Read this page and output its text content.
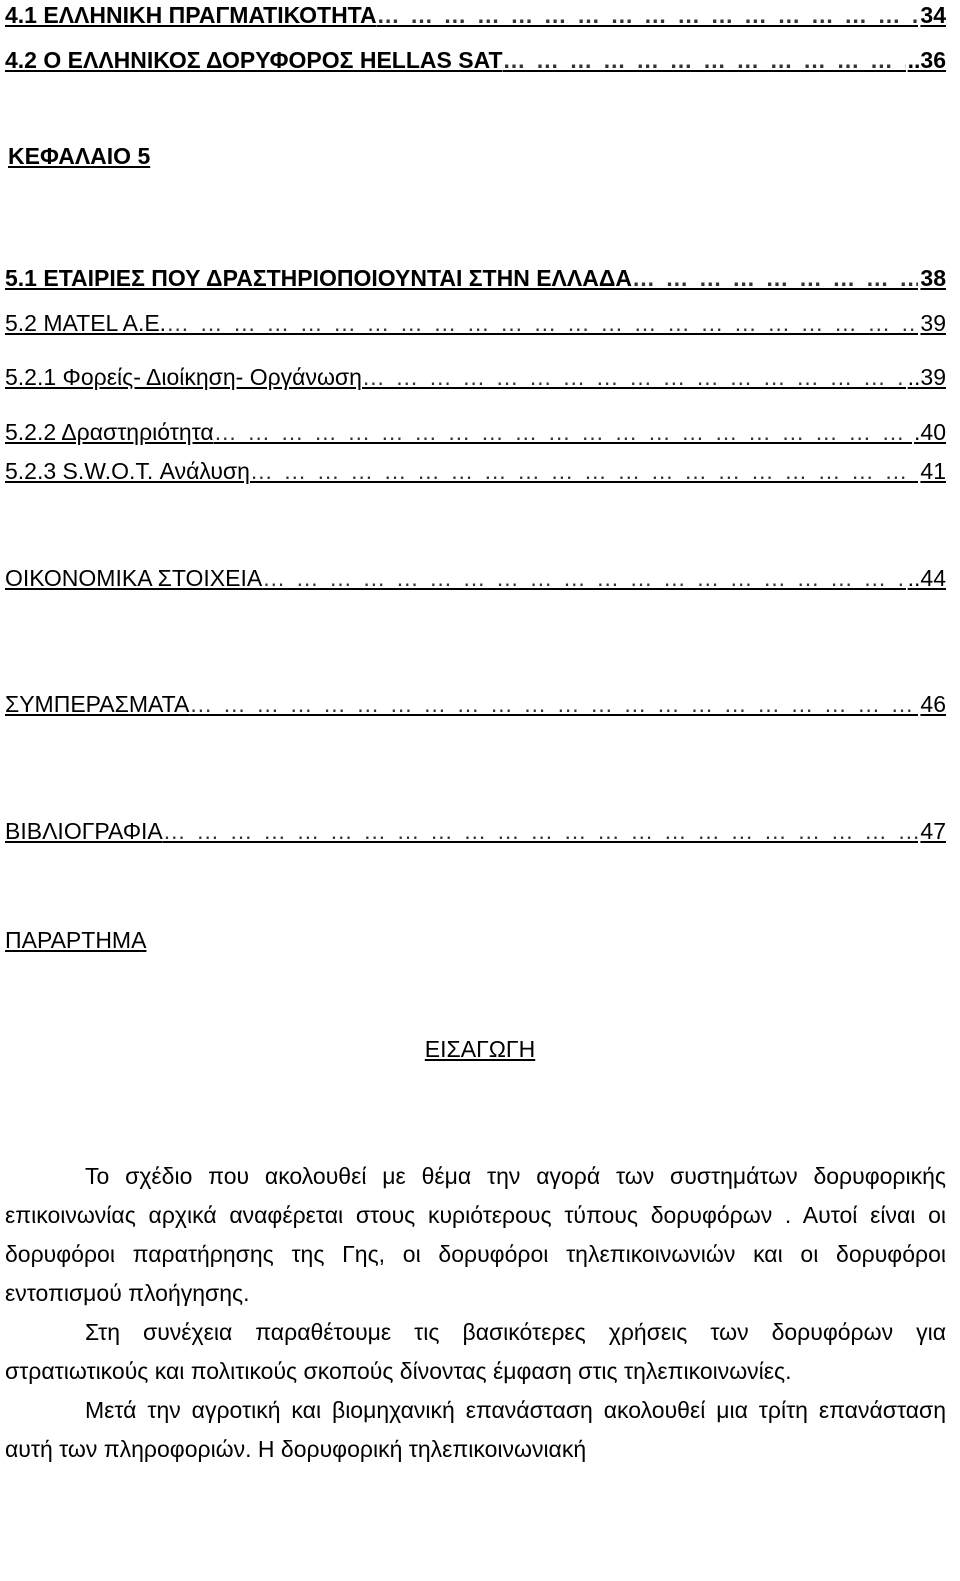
4.1 ΕΛΛΗΝΙΚΗ ΠΡΑΓΜΑΤΙΚΟΤΗΤΑ … … … … … … … … … … … … … … … … … … … … … … … … … … … … … … … … … … … … … … … … … … … … … … …	34
4.2 Ο ΕΛΛΗΝΙΚΟΣ ΔΟΡΥΦΟΡΟΣ HELLAS SAT … … … … … … … … … … … … … … … … … … … … … … … … … … … … … … … … … … … … … … … … … … … … … … …	..36
ΚΕΦΑΛΑΙΟ 5
5.1 ΕΤΑΙΡΙΕΣ ΠΟΥ ΔΡΑΣΤΗΡΙΟΠΟΙΟΥΝΤΑΙ ΣΤΗΝ ΕΛΛΑΔΑ … … … … … … … … … … … … … … … … … … … … … … … … … … … … … … … … … … … … … … … … … … … … … … …	38
5.2 MATEL A.E. … … … … … … … … … … … … … … … … … … … … … … … … … … … … … … … … … … … … … … … … … … … … … … …	39
5.2.1 Φορείς- Διοίκηση- Οργάνωση … … … … … … … … … … … … … … … … … … … … … … … … … … … … … … … … … … … … … … … … … … … … … … …	..39
5.2.2 Δραστηριότητα … … … … … … … … … … … … … … … … … … … … … … … … … … … … … … … … … … … … … … … … … … … … … … …	.40
5.2.3 S.W.O.T. Ανάλυση … … … … … … … … … … … … … … … … … … … … … … … … … … … … … … … … … … … … … … … … … … … … … … …	41
ΟΙΚΟΝΟΜΙΚΑ ΣΤΟΙΧΕΙΑ … … … … … … … … … … … … … … … … … … … … … … … … … … … … … … … … … … … … … … … … … … … … … … …	..44
ΣΥΜΠΕΡΑΣΜΑΤΑ … … … … … … … … … … … … … … … … … … … … … … … … … … … … … … … … … … … … … … … … … … … … … … …	46
ΒΙΒΛΙΟΓΡΑΦΙΑ … … … … … … … … … … … … … … … … … … … … … … … … … … … … … … … … … … … … … … … … … … … … … … …	47
ΠΑΡΑΡΤΗΜΑ
ΕΙΣΑΓΩΓΗ

Το σχέδιο που ακολουθεί με θέμα την αγορά των συστημάτων δορυφορικής επικοινωνίας αρχικά αναφέρεται στους κυριότερους τύπους δορυφόρων . Αυτοί είναι οι δορυφόροι παρατήρησης της Γης, οι δορυφόροι τηλεπικοινωνιών και οι δορυφόροι εντοπισμού πλοήγησης.

Στη συνέχεια παραθέτουμε τις βασικότερες χρήσεις των δορυφόρων για στρατιωτικούς και πολιτικούς σκοπούς δίνοντας έμφαση στις τηλεπικοινωνίες.

Μετά την αγροτική και βιομηχανική επανάσταση ακολουθεί μια τρίτη επανάσταση αυτή των πληροφοριών. Η δορυφορική τηλεπικοινωνιακή
